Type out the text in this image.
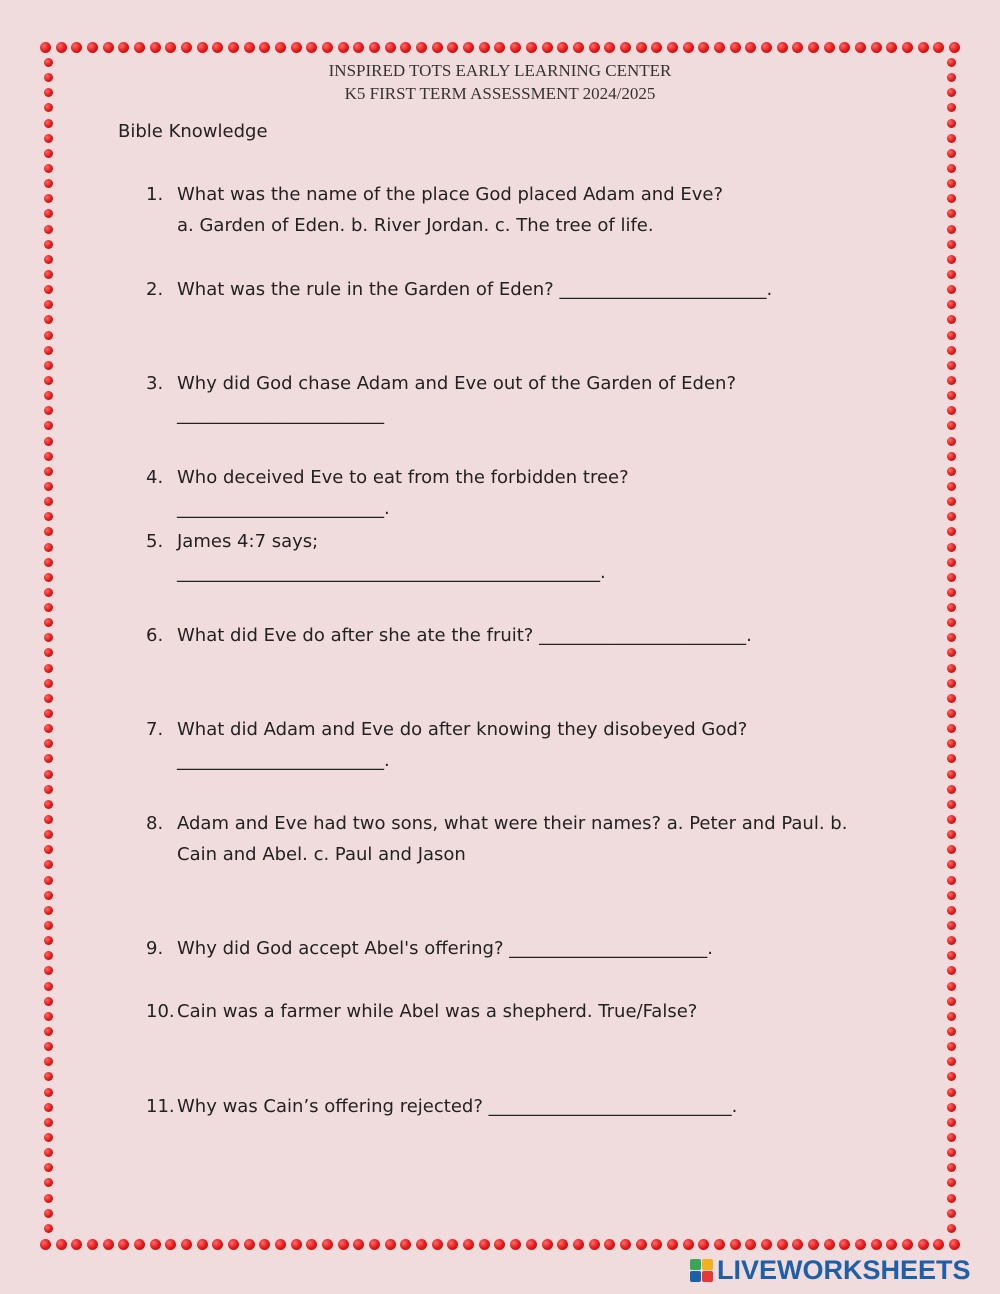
INSPIRED TOTS EARLY LEARNING CENTER
K5 FIRST TERM ASSESSMENT 2024/2025
Bible Knowledge
1. What was the name of the place God placed Adam and Eve?
a. Garden of Eden. b. River Jordan. c. The tree of life.
2. What was the rule in the Garden of Eden? _______________________.
3. Why did God chase Adam and Eve out of the Garden of Eden?
_______________________
4. Who deceived Eve to eat from the forbidden tree?
_______________________.
5. James 4:7 says;
_______________________________________________.
6. What did Eve do after she ate the fruit? _______________________.
7. What did Adam and Eve do after knowing they disobeyed God?
_______________________.
8. Adam and Eve had two sons, what were their names? a. Peter and Paul. b.
Cain and Abel. c. Paul and Jason
9. Why did God accept Abel's offering? ______________________.
10. Cain was a farmer while Abel was a shepherd. True/False?
11. Why was Cain’s offering rejected? ___________________________.
LIVEWORKSHEETS
